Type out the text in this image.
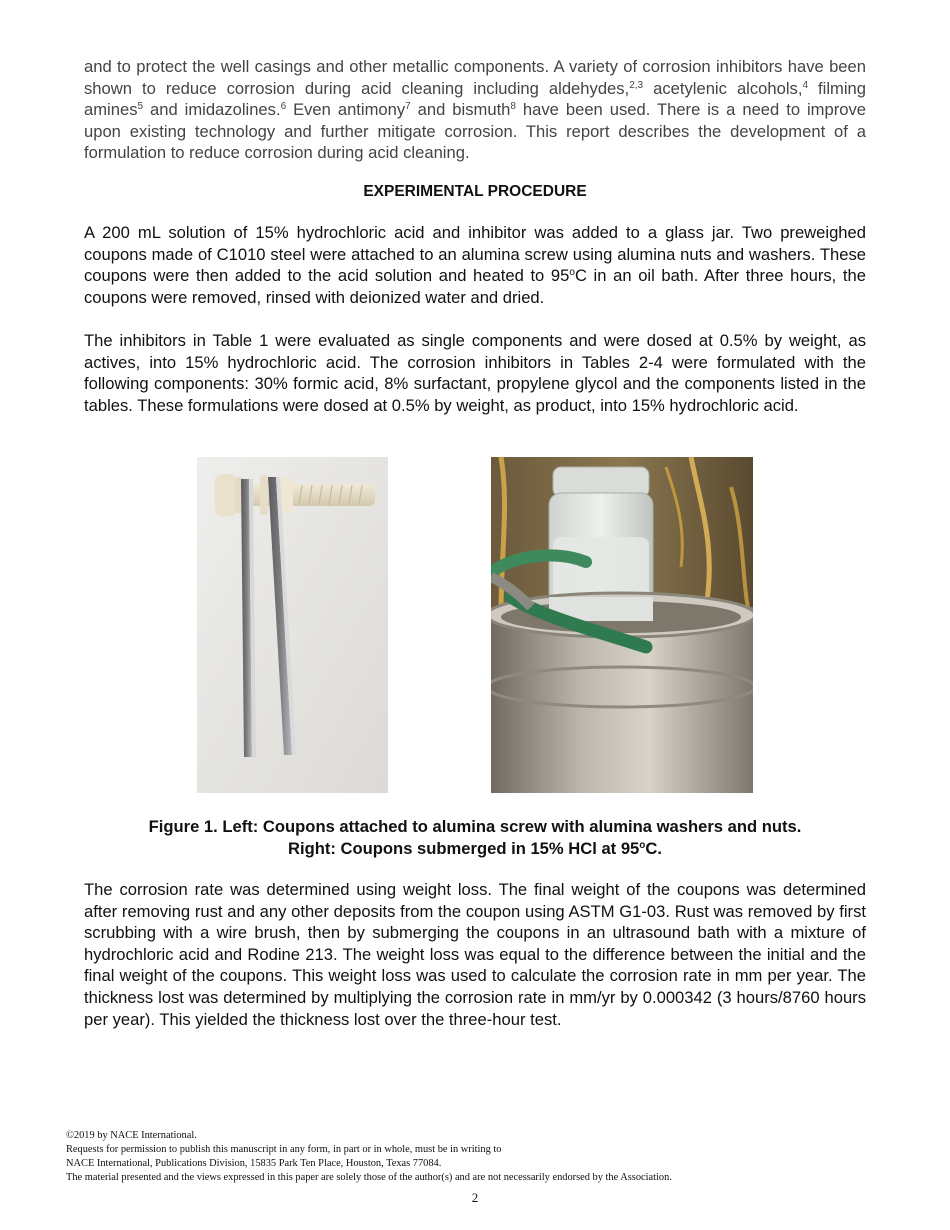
and to protect the well casings and other metallic components. A variety of corrosion inhibitors have been shown to reduce corrosion during acid cleaning including aldehydes,$^{2,3}$ acetylenic alcohols,$^4$ filming amines$^5$ and imidazolines.$^6$ Even antimony$^7$ and bismuth$^8$ have been used. There is a need to improve upon existing technology and further mitigate corrosion. This report describes the development of a formulation to reduce corrosion during acid cleaning.

EXPERIMENTAL PROCEDURE

A 200 mL solution of 15% hydrochloric acid and inhibitor was added to a glass jar. Two preweighed coupons made of C1010 steel were attached to an alumina screw using alumina nuts and washers. These coupons were then added to the acid solution and heated to 95$^o$C in an oil bath. After three hours, the coupons were removed, rinsed with deionized water and dried.

The inhibitors in Table 1 were evaluated as single components and were dosed at 0.5% by weight, as actives, into 15% hydrochloric acid. The corrosion inhibitors in Tables 2-4 were formulated with the following components: 30% formic acid, 8% surfactant, propylene glycol and the components listed in the tables. These formulations were dosed at 0.5% by weight, as product, into 15% hydrochloric acid.

Figure 1. Left: Coupons attached to alumina screw with alumina washers and nuts.
Right: Coupons submerged in 15% HCl at 95$^o$C.

The corrosion rate was determined using weight loss. The final weight of the coupons was determined after removing rust and any other deposits from the coupon using ASTM G1-03. Rust was removed by first scrubbing with a wire brush, then by submerging the coupons in an ultrasound bath with a mixture of hydrochloric acid and Rodine 213. The weight loss was equal to the difference between the initial and the final weight of the coupons. This weight loss was used to calculate the corrosion rate in mm per year. The thickness lost was determined by multiplying the corrosion rate in mm/yr by 0.000342 (3 hours/8760 hours per year). This yielded the thickness lost over the three-hour test.

©2019 by NACE International.
Requests for permission to publish this manuscript in any form, in part or in whole, must be in writing to
NACE International, Publications Division, 15835 Park Ten Place, Houston, Texas 77084.
The material presented and the views expressed in this paper are solely those of the author(s) and are not necessarily endorsed by the Association.
2
